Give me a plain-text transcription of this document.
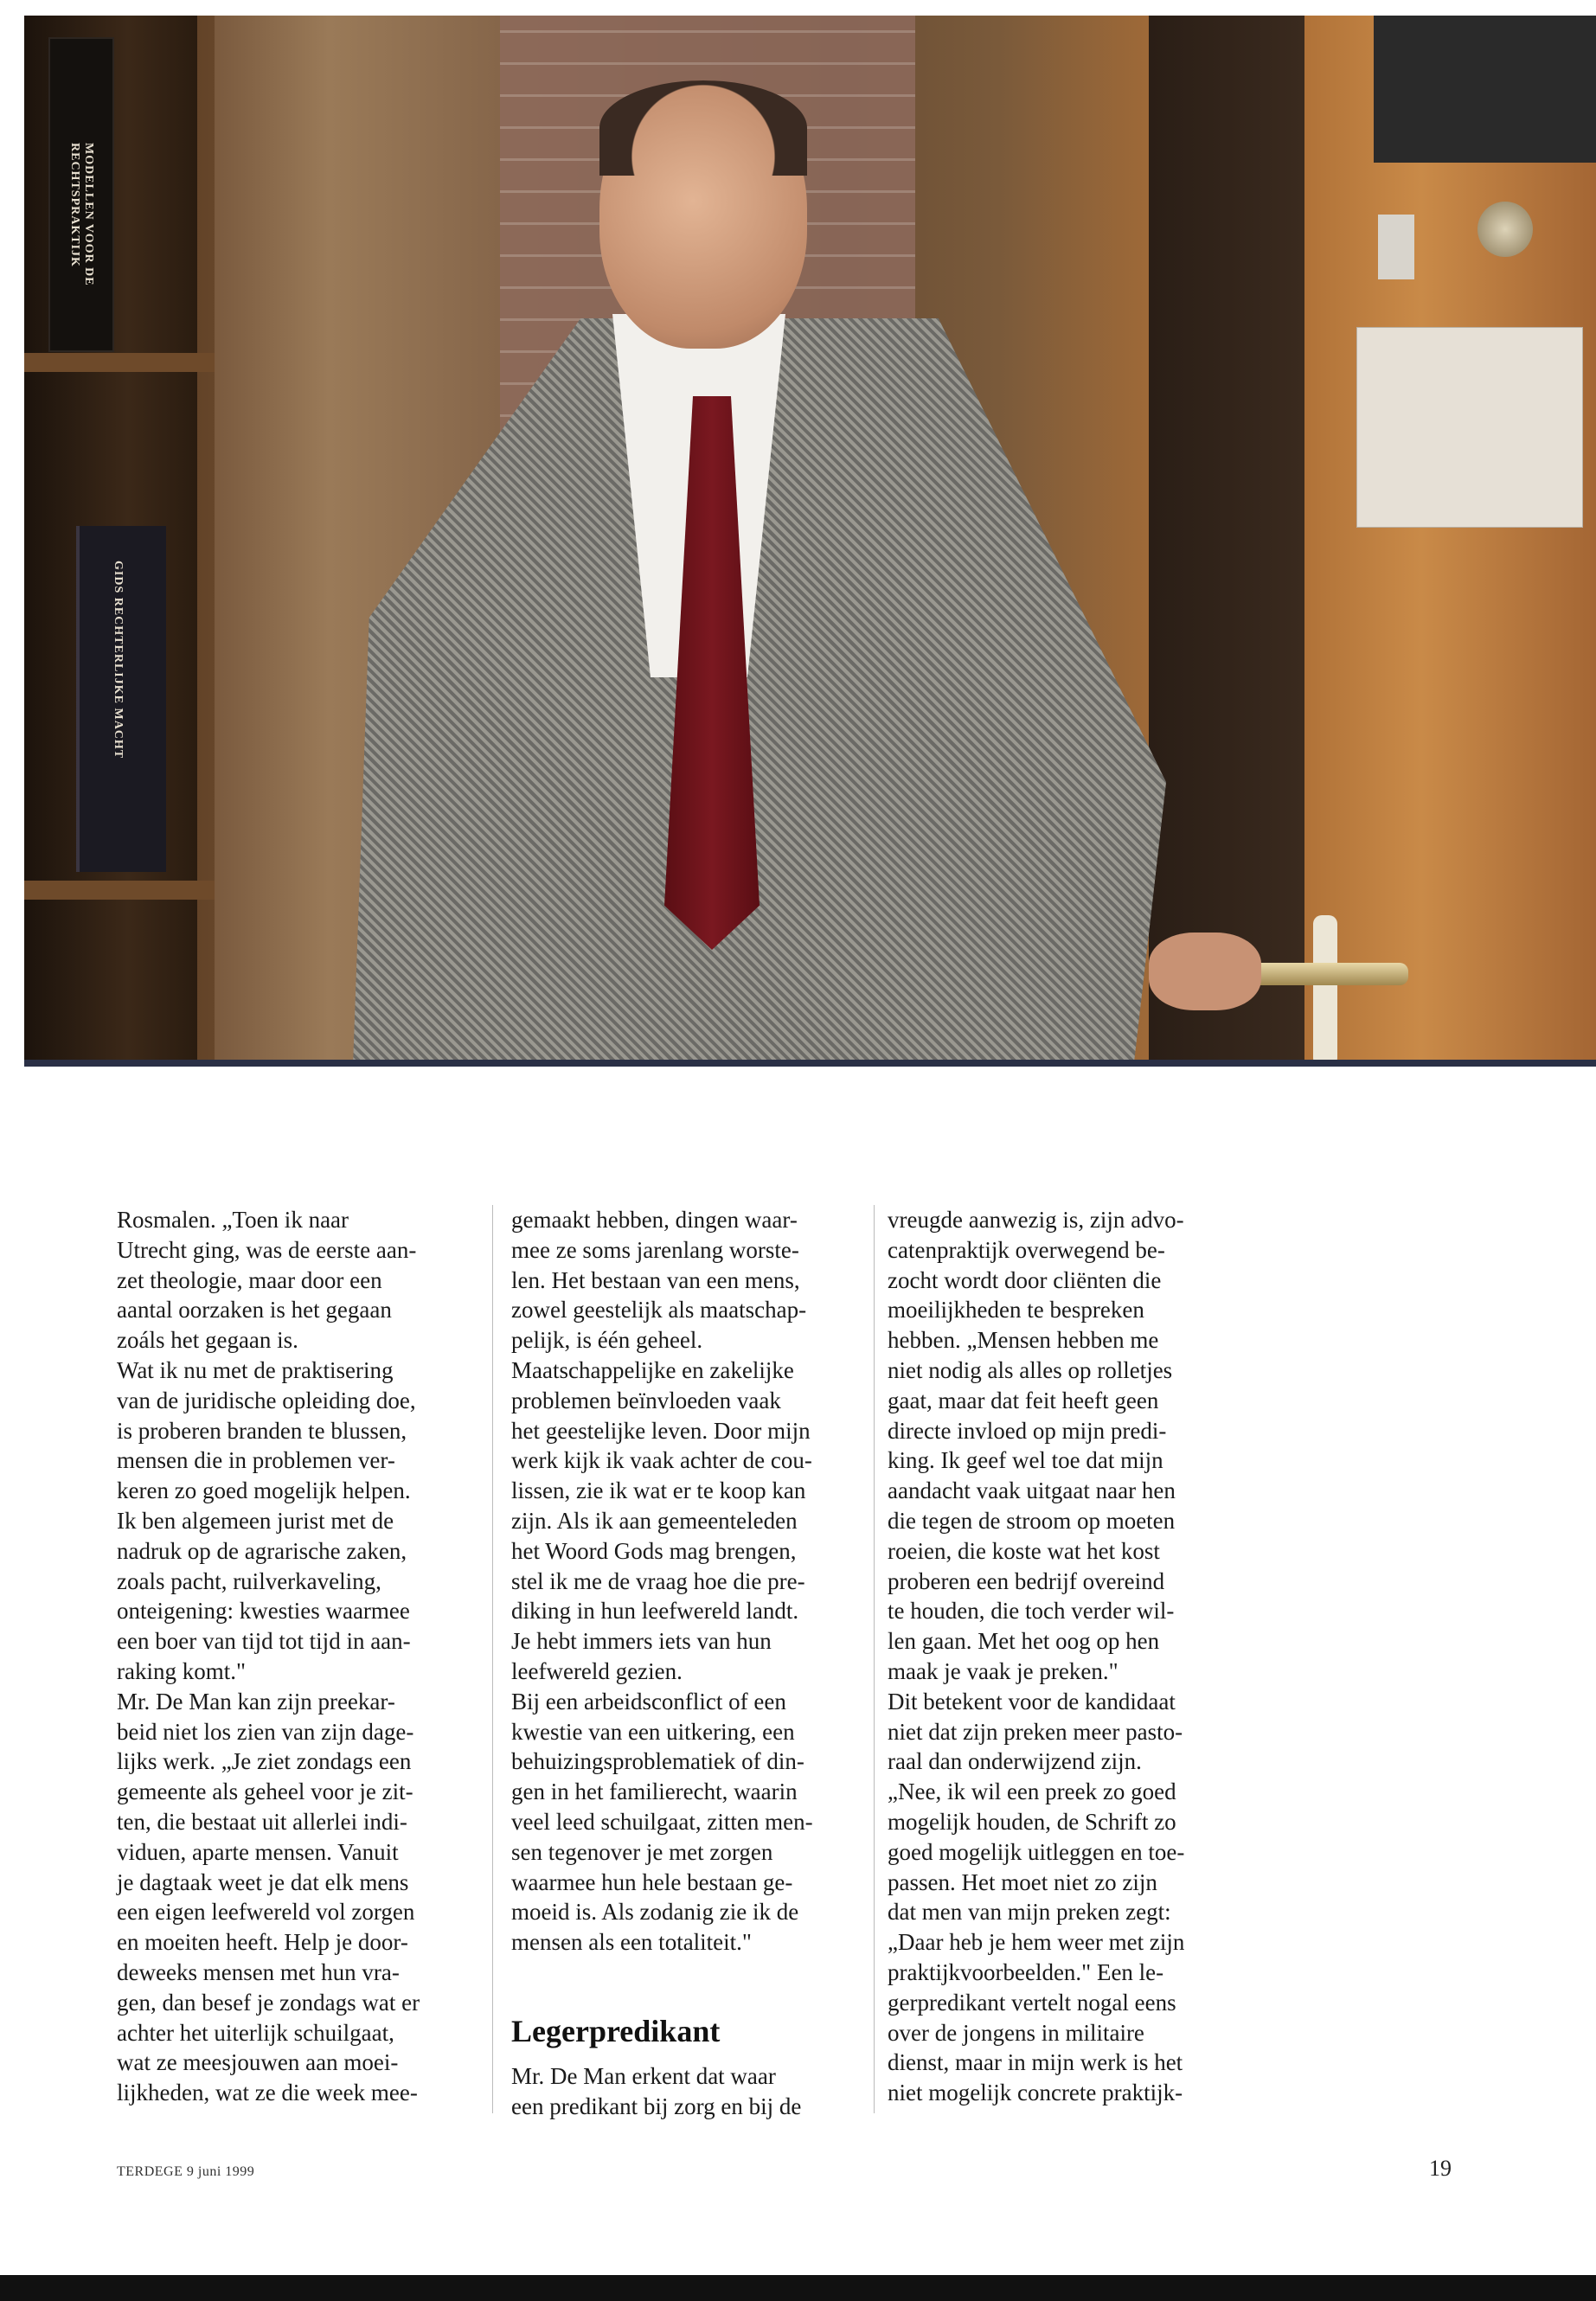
MODELLEN VOOR DE RECHTSPRAKTIJK
GIDS RECHTERLIJKE MACHT
Rosmalen. „Toen ik naar
Utrecht ging, was de eerste aan-
zet theologie, maar door een
aantal oorzaken is het gegaan
zoáls het gegaan is.
Wat ik nu met de praktisering
van de juridische opleiding doe,
is proberen branden te blussen,
mensen die in problemen ver-
keren zo goed mogelijk helpen.
Ik ben algemeen jurist met de
nadruk op de agrarische zaken,
zoals pacht, ruilverkaveling,
onteigening: kwesties waarmee
een boer van tijd tot tijd in aan-
raking komt."
Mr. De Man kan zijn preekar-
beid niet los zien van zijn dage-
lijks werk. „Je ziet zondags een
gemeente als geheel voor je zit-
ten, die bestaat uit allerlei indi-
viduen, aparte mensen. Vanuit
je dagtaak weet je dat elk mens
een eigen leefwereld vol zorgen
en moeiten heeft. Help je door-
deweeks mensen met hun vra-
gen, dan besef je zondags wat er
achter het uiterlijk schuilgaat,
wat ze meesjouwen aan moei-
lijkheden, wat ze die week mee-
gemaakt hebben, dingen waar-
mee ze soms jarenlang worste-
len. Het bestaan van een mens,
zowel geestelijk als maatschap-
pelijk, is één geheel.
Maatschappelijke en zakelijke
problemen beïnvloeden vaak
het geestelijke leven. Door mijn
werk kijk ik vaak achter de cou-
lissen, zie ik wat er te koop kan
zijn. Als ik aan gemeenteleden
het Woord Gods mag brengen,
stel ik me de vraag hoe die pre-
diking in hun leefwereld landt.
Je hebt immers iets van hun
leefwereld gezien.
Bij een arbeidsconflict of een
kwestie van een uitkering, een
behuizingsproblematiek of din-
gen in het familierecht, waarin
veel leed schuilgaat, zitten men-
sen tegenover je met zorgen
waarmee hun hele bestaan ge-
moeid is. Als zodanig zie ik de
mensen als een totaliteit."
Legerpredikant
Mr. De Man erkent dat waar
een predikant bij zorg en bij de
vreugde aanwezig is, zijn advo-
catenpraktijk overwegend be-
zocht wordt door cliënten die
moeilijkheden te bespreken
hebben. „Mensen hebben me
niet nodig als alles op rolletjes
gaat, maar dat feit heeft geen
directe invloed op mijn predi-
king. Ik geef wel toe dat mijn
aandacht vaak uitgaat naar hen
die tegen de stroom op moeten
roeien, die koste wat het kost
proberen een bedrijf overeind
te houden, die toch verder wil-
len gaan. Met het oog op hen
maak je vaak je preken."
Dit betekent voor de kandidaat
niet dat zijn preken meer pasto-
raal dan onderwijzend zijn.
„Nee, ik wil een preek zo goed
mogelijk houden, de Schrift zo
goed mogelijk uitleggen en toe-
passen. Het moet niet zo zijn
dat men van mijn preken zegt:
„Daar heb je hem weer met zijn
praktijkvoorbeelden." Een le-
gerpredikant vertelt nogal eens
over de jongens in militaire
dienst, maar in mijn werk is het
niet mogelijk concrete praktijk-
TERDEGE 9 juni 1999	19
